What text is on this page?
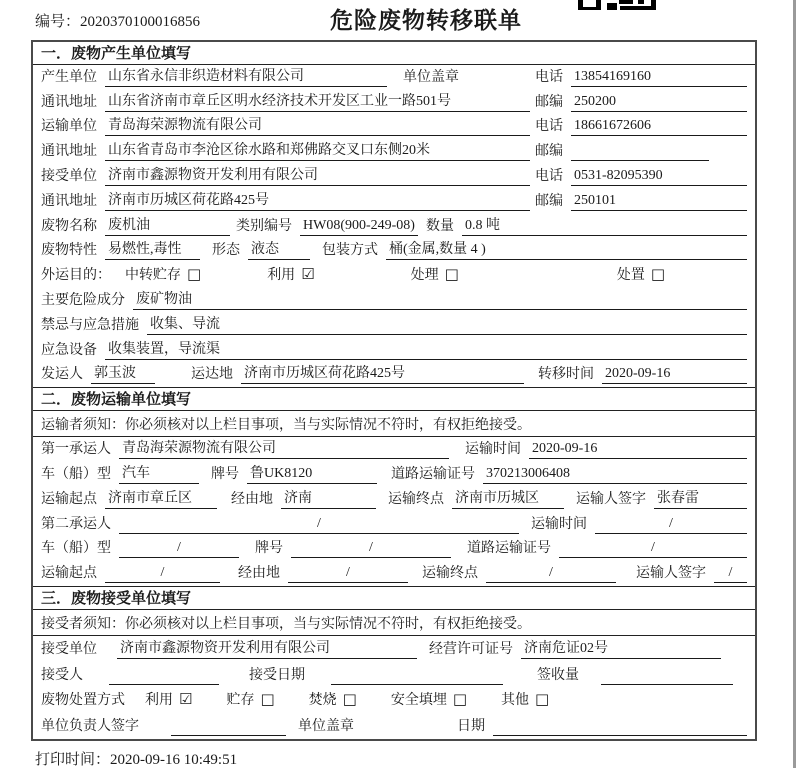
编号：2020370100016856	危险废物转移联单
一．废物产生单位填写
产生单位 山东省永信非织造材料有限公司	单位盖章	电话 13854169160
通讯地址 山东省济南市章丘区明水经济技术开发区工业一路501号	邮编 250200
运输单位 青岛海荣源物流有限公司	电话 18661672606
通讯地址 山东省青岛市李沧区徐水路和郑佛路交叉口东侧20米	邮编
接受单位 济南市鑫源物资开发利用有限公司	电话 0531-82095390
通讯地址 济南市历城区荷花路425号	邮编 250101
废物名称 废机油	类别编号 HW08(900-249-08) 数量 0.8 吨
废物特性 易燃性,毒性	形态 液态	包装方式 桶(金属,数量 4 )
外运目的： 中转贮存 □	利用 ☑	处理 □	处置 □
主要危险成分 废矿物油
禁忌与应急措施 收集、导流
应急设备 收集装置，导流渠
发运人 郭玉波	运达地 济南市历城区荷花路425号	转移时间 2020-09-16
二．废物运输单位填写
运输者须知：你必须核对以上栏目事项，当与实际情况不符时，有权拒绝接受。
第一承运人 青岛海荣源物流有限公司	运输时间 2020-09-16
车（船）型 汽车	牌号 鲁UK8120	道路运输证号 370213006408
运输起点 济南市章丘区	经由地 济南	运输终点 济南市历城区	运输人签字 张春雷
第二承运人	/	运输时间	/
车（船）型	/	牌号	/	道路运输证号	/
运输起点	/	经由地	/	运输终点	/	运输人签字	/
三．废物接受单位填写
接受者须知：你必须核对以上栏目事项，当与实际情况不符时，有权拒绝接受。
接受单位 济南市鑫源物资开发利用有限公司	经营许可证号 济南危证02号
接受人	接受日期	签收量
废物处置方式 利用 ☑ 贮存 □ 焚烧 □ 安全填埋 □ 其他 □
单位负责人签字	单位盖章	日期
打印时间：2020-09-16 10:49:51
